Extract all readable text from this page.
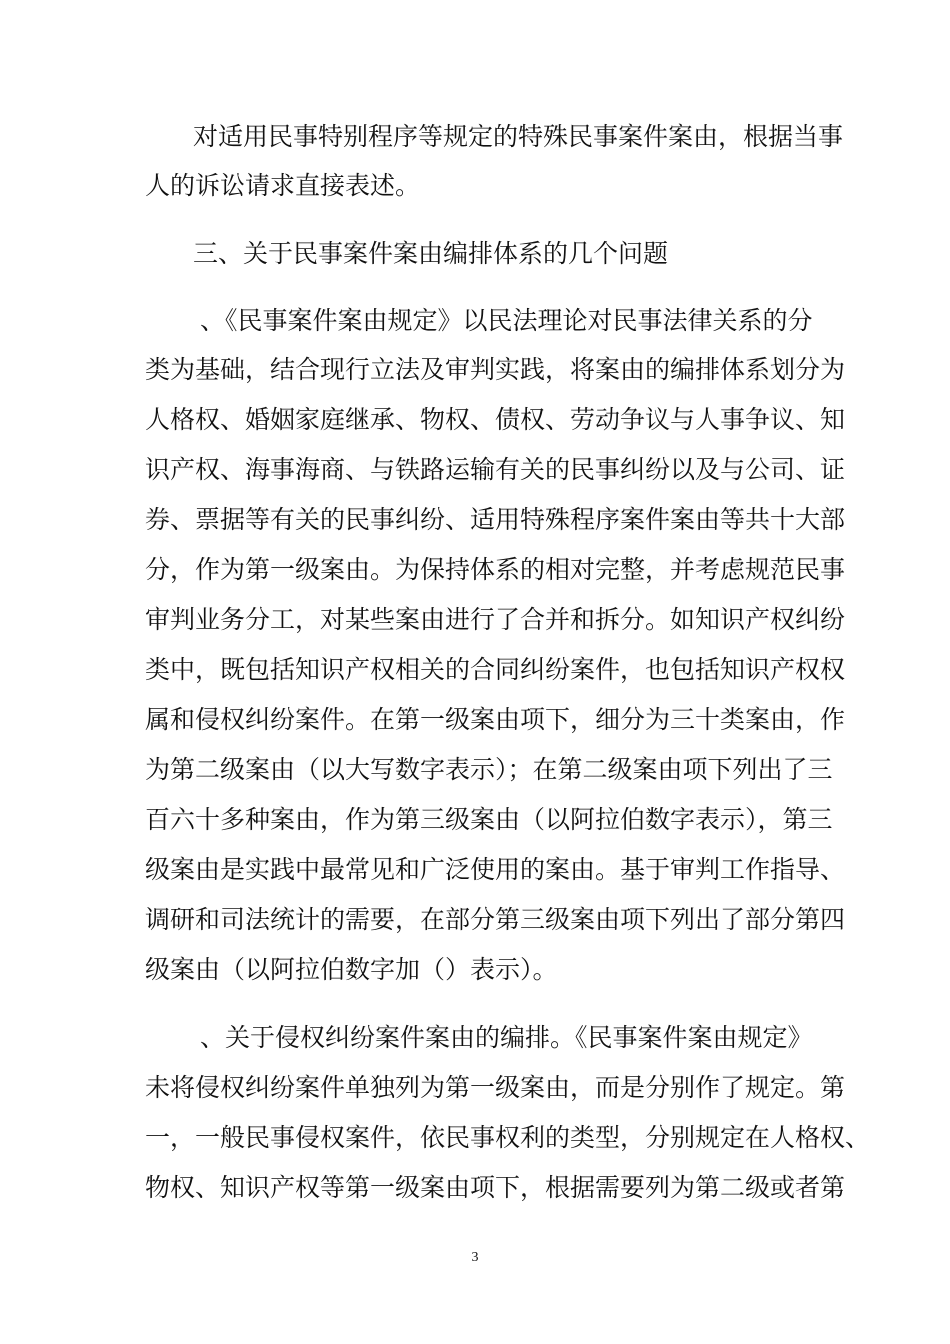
对适用民事特别程序等规定的特殊民事案件案由，根据当事
人的诉讼请求直接表述。
三、关于民事案件案由编排体系的几个问题
、《民事案件案由规定》以民法理论对民事法律关系的分
类为基础，结合现行立法及审判实践，将案由的编排体系划分为
人格权、婚姻家庭继承、物权、债权、劳动争议与人事争议、知
识产权、海事海商、与铁路运输有关的民事纠纷以及与公司、证
券、票据等有关的民事纠纷、适用特殊程序案件案由等共十大部
分，作为第一级案由。为保持体系的相对完整，并考虑规范民事
审判业务分工，对某些案由进行了合并和拆分。如知识产权纠纷
类中，既包括知识产权相关的合同纠纷案件，也包括知识产权权
属和侵权纠纷案件。在第一级案由项下，细分为三十类案由，作
为第二级案由（以大写数字表示）；在第二级案由项下列出了三
百六十多种案由，作为第三级案由（以阿拉伯数字表示），第三
级案由是实践中最常见和广泛使用的案由。基于审判工作指导、
调研和司法统计的需要，在部分第三级案由项下列出了部分第四
级案由（以阿拉伯数字加（）表示）。
、关于侵权纠纷案件案由的编排。《民事案件案由规定》
未将侵权纠纷案件单独列为第一级案由，而是分别作了规定。第
一，一般民事侵权案件，依民事权利的类型，分别规定在人格权、
物权、知识产权等第一级案由项下，根据需要列为第二级或者第
3
